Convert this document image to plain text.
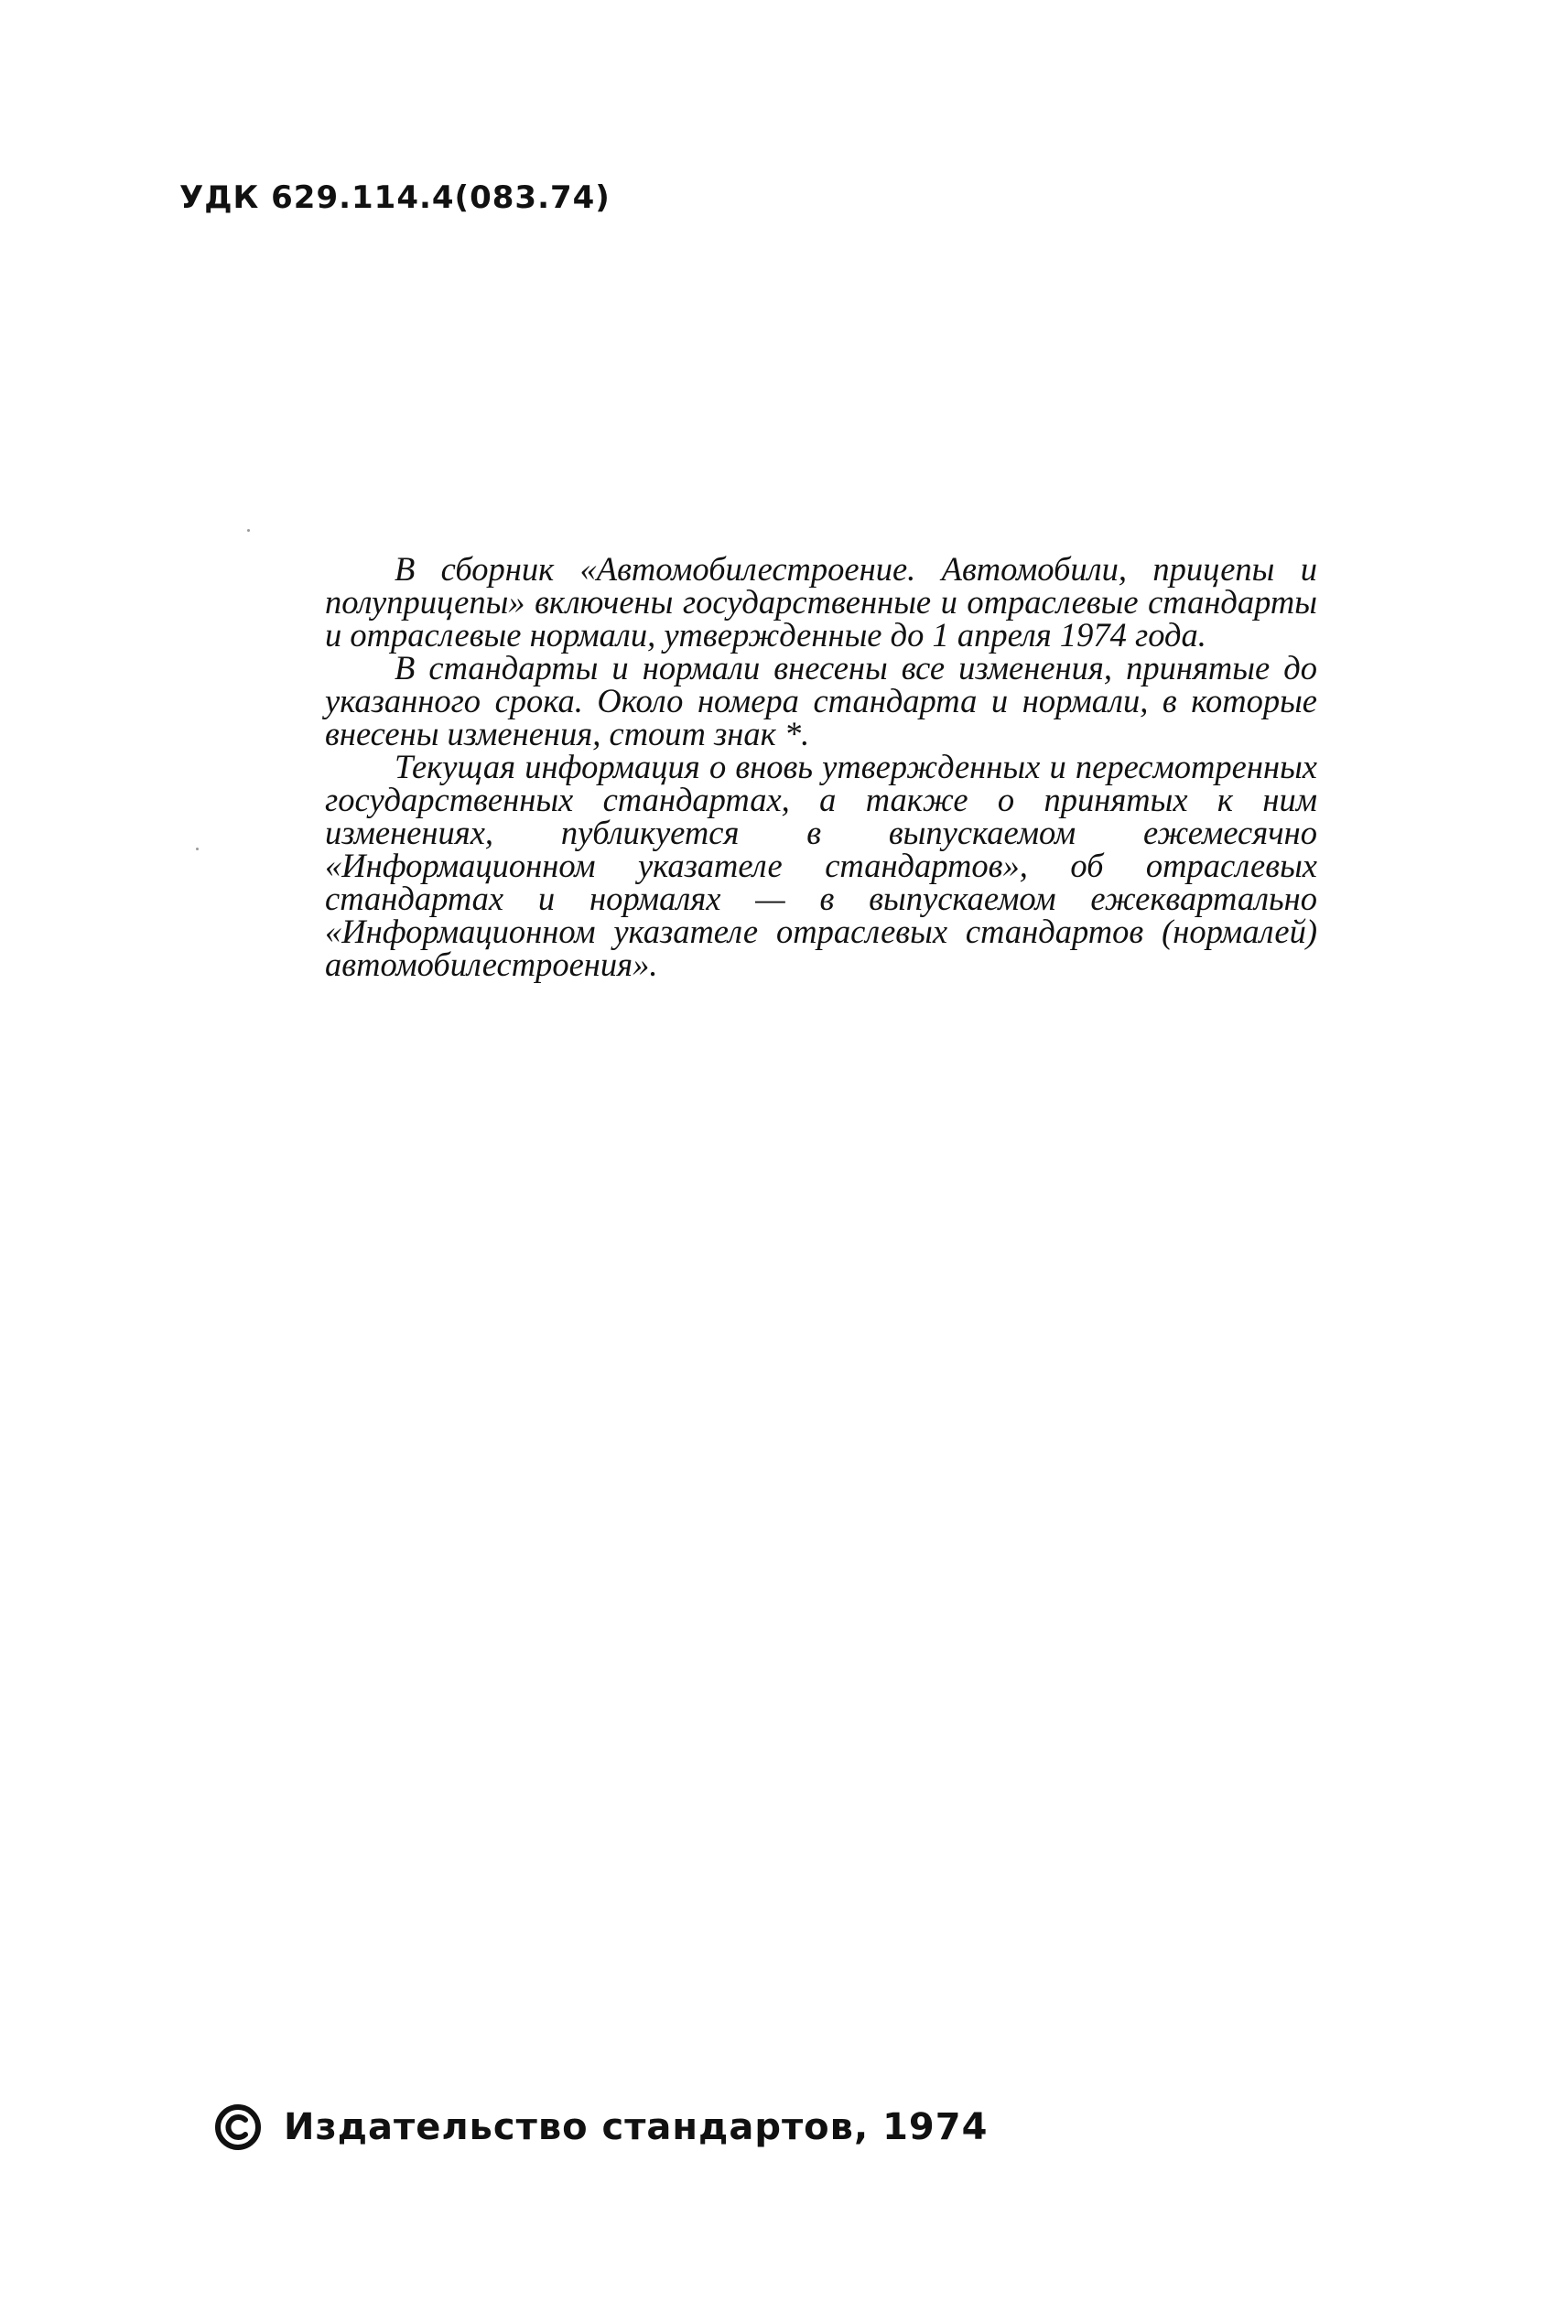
УДК 629.114.4(083.74)

В сборник «Автомобилестроение. Автомобили, прицепы и полуприцепы» включены государственные и отраслевые стандарты и отраслевые нормали, утвержденные до 1 апреля 1974 года.

В стандарты и нормали внесены все изменения, принятые до указанного срока. Около номера стандарта и нормали, в которые внесены изменения, стоит знак *.

Текущая информация о вновь утвержденных и пересмотренных государственных стандартах, а также о принятых к ним изменениях, публикуется в выпускаемом ежемесячно «Информационном указателе стандартов», об отраслевых стандартах и нормалях — в выпускаемом ежеквартально «Информационном указателе отраслевых стандартов (нормалей) автомобилестроения».

Издательство стандартов, 1974
